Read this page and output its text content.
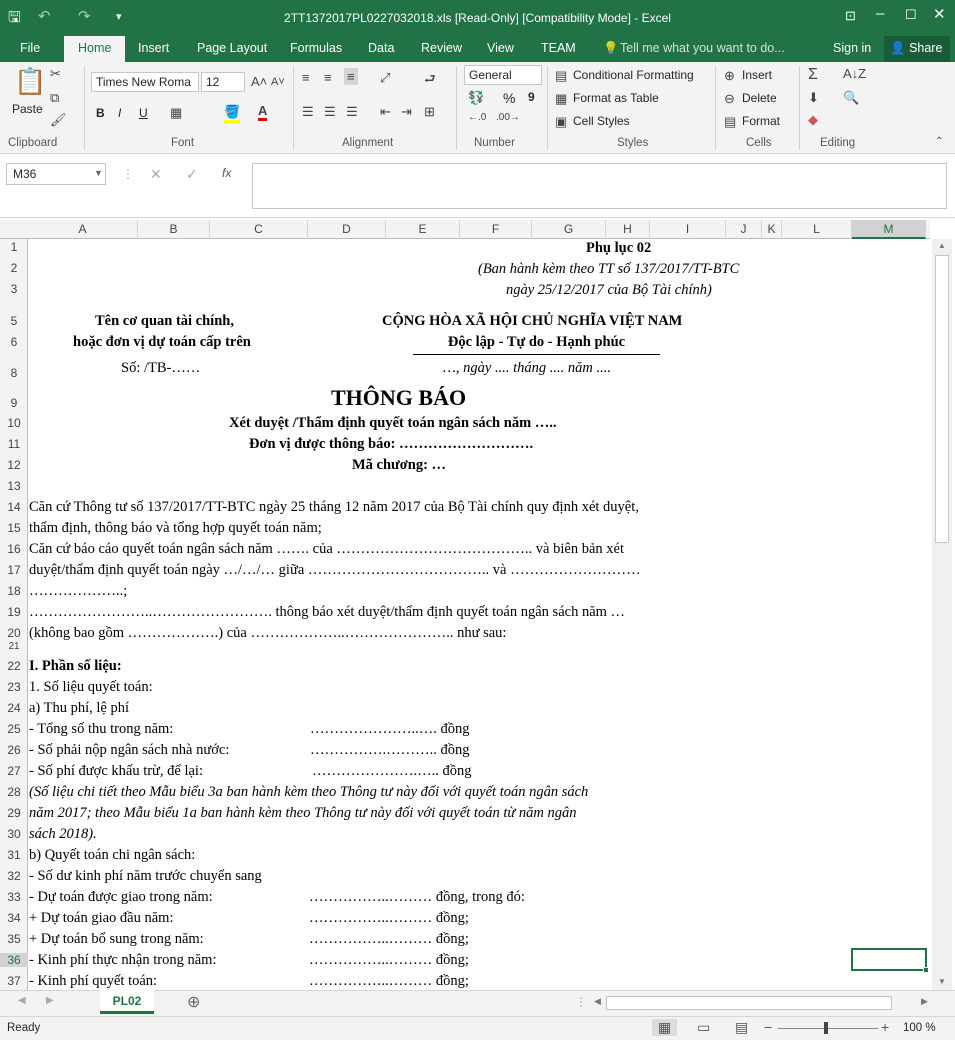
🖫 ↶ ↷ ▾	2TT1372017PL0227032018.xls [Read-Only] [Compatibility Mode] - Excel	⊡ – ☐ ✕
File	Home	Insert Page Layout Formulas Data Review View TEAM 💡 Tell me what you want to do...	Sign in	👤 Share
📋
Paste
✂
⧉
🖌
Clipboard
Times New Roma	12	A˄ A˅
B I U ▦	🪣 A
Font
≡ ≡ ≡ ⤢	⮐
☰ ☰ ☰ ⇤ ⇥ ⊞
Alignment
General
💱 % 9
←.0 .00→
Number
▤ Conditional Formatting
▦ Format as Table
▣ Cell Styles
Styles
⊕ Insert
⊖ Delete
▤ Format
Cells
Σ A↓Z
⬇ 🔍
◆
Editing	⌃
M36	▼ ⋮ ✕ ✓ fx
A	B	C	D	E	F	G	H	I	J	K	L	M
1
2
3
5
6
8
9
10
11
12
13
14
15
16
17
18
19
20
21
22
23
24
25
26
27
28
29
30
31
32
33
34
35
36
37
Phụ lục 02
(Ban hành kèm theo TT số 137/2017/TT-BTC
ngày 25/12/2017 của Bộ Tài chính)
Tên cơ quan tài chính,	CỘNG HÒA XÃ HỘI CHỦ NGHĨA VIỆT NAM
hoặc đơn vị dự toán cấp trên	Độc lập - Tự do - Hạnh phúc
Số: /TB-……	…, ngày .... tháng .... năm ....
THÔNG BÁO
Xét duyệt /Thẩm định quyết toán ngân sách năm …..
Đơn vị được thông báo: ……………………….
Mã chương: …
Căn cứ Thông tư số 137/2017/TT-BTC ngày 25 tháng 12 năm 2017 của Bộ Tài chính quy định xét duyệt,
thẩm định, thông báo và tổng hợp quyết toán năm;
Căn cứ báo cáo quyết toán ngân sách năm ……. của ………………………………….. và biên bản xét
duyệt/thẩm định quyết toán ngày …/…/… giữa ……………………………….. và ………………………
………………..;
……………………..……………………. thông báo xét duyệt/thẩm định quyết toán ngân sách năm …
(không bao gồm ……………….) của ………………..………………….. như sau:
I. Phần số liệu:
1. Số liệu quyết toán:
a) Thu phí, lệ phí
- Tổng số thu trong năm:	…………………..…. đồng
- Số phải nộp ngân sách nhà nước:	…………….……….. đồng
- Số phí được khấu trừ, để lại:	………………….….. đồng
(Số liệu chi tiết theo Mẫu biểu 3a ban hành kèm theo Thông tư này đối với quyết toán ngân sách
năm 2017; theo Mẫu biểu 1a ban hành kèm theo Thông tư này đối với quyết toán từ năm ngân
sách 2018).
b) Quyết toán chi ngân sách:
- Số dư kinh phí năm trước chuyển sang
- Dự toán được giao trong năm:	……………..……… đồng, trong đó:
+ Dự toán giao đầu năm:	……………..……… đồng;
+ Dự toán bổ sung trong năm:	……………..……… đồng;
- Kinh phí thực nhận trong năm:	……………..……… đồng;
- Kinh phí quyết toán:	……………..……… đồng;
▲
▼
◀ ▶	PL02	⊕	⋮ ◀	▶
Ready	▦	▭ ▤ −	+ 100 %
